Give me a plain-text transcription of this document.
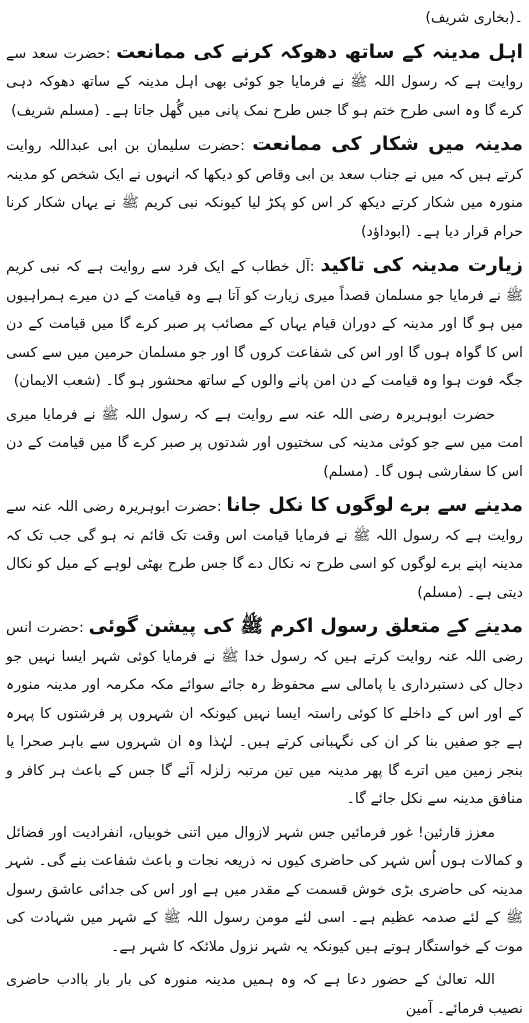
۔(بخاری شریف)

اہل مدینہ کے ساتھ دھوکہ کرنے کی ممانعت :حضرت سعد سے روایت ہے کہ رسول اللہ ﷺ نے فرمایا جو کوئی بھی اہل مدینہ کے ساتھ دھوکہ دہی کرے گا وہ اسی طرح ختم ہو گا جس طرح نمک پانی میں گُھل جاتا ہے۔ (مسلم شریف)

مدینہ میں شکار کی ممانعت :حضرت سلیمان بن ابی عبداللہ روایت کرتے ہیں کہ میں نے جناب سعد بن ابی وقاص کو دیکھا کہ انہوں نے ایک شخص کو مدینہ منورہ میں شکار کرتے دیکھ کر اس کو پکڑ لیا کیونکہ نبی کریم ﷺ نے یہاں شکار کرنا حرام قرار دیا ہے۔ (ابوداؤد)

زیارت مدینہ کی تاکید :آل خطاب کے ایک فرد سے روایت ہے کہ نبی کریم ﷺ نے فرمایا جو مسلمان قصداً میری زیارت کو آتا ہے وہ قیامت کے دن میرے ہمراہیوں میں ہو گا اور مدینہ کے دوران قیام یہاں کے مصائب پر صبر کرے گا میں قیامت کے دن اس کا گواہ ہوں گا اور اس کی شفاعت کروں گا اور جو مسلمان حرمین میں سے کسی جگہ فوت ہوا وہ قیامت کے دن امن پانے والوں کے ساتھ محشور ہو گا۔ (شعب الایمان)

حضرت ابوہریرہ رضی اللہ عنہ سے روایت ہے کہ رسول اللہ ﷺ نے فرمایا میری امت میں سے جو کوئی مدینہ کی سختیوں اور شدتوں پر صبر کرے گا میں قیامت کے دن اس کا سفارشی ہوں گا۔ (مسلم)

مدینے سے برے لوگوں کا نکل جانا :حضرت ابوہریرہ رضی اللہ عنہ سے روایت ہے کہ رسول اللہ ﷺ نے فرمایا قیامت اس وقت تک قائم نہ ہو گی جب تک کہ مدینہ اپنے برے لوگوں کو اسی طرح نہ نکال دے گا جس طرح بھٹی لوہے کے میل کو نکال دیتی ہے۔ (مسلم)

مدینے کے متعلق رسول اکرم ﷺ کی پیشن گوئی :حضرت انس رضی اللہ عنہ روایت کرتے ہیں کہ رسول خدا ﷺ نے فرمایا کوئی شہر ایسا نہیں جو دجال کی دستبرداری یا پامالی سے محفوظ رہ جائے سوائے مکہ مکرمہ اور مدینہ منورہ کے اور اس کے داخلے کا کوئی راستہ ایسا نہیں کیونکہ ان شہروں پر فرشتوں کا پہرہ ہے جو صفیں بنا کر ان کی نگہبانی کرتے ہیں۔ لہٰذا وہ ان شہروں سے باہر صحرا یا بنجر زمین میں اترے گا پھر مدینہ میں تین مرتبہ زلزلہ آئے گا جس کے باعث ہر کافر و منافق مدینہ سے نکل جائے گا۔

معزز قارئین! غور فرمائیں جس شہر لازوال میں اتنی خوبیاں، انفرادیت اور فضائل و کمالات ہوں اُس شہر کی حاضری کیوں نہ ذریعہ نجات و باعث شفاعت بنے گی۔ شہر مدینہ کی حاضری بڑی خوش قسمت کے مقدر میں ہے اور اس کی جدائی عاشق رسول ﷺ کے لئے صدمہ عظیم ہے۔ اسی لئے مومن رسول اللہ ﷺ کے شہر میں شہادت کی موت کے خواستگار ہوتے ہیں کیونکہ یہ شہر نزول ملائکہ کا شہر ہے۔

اللہ تعالیٰ کے حضور دعا ہے کہ وہ ہمیں مدینہ منورہ کی بار بار باادب حاضری نصیب فرمائے۔ آمین
